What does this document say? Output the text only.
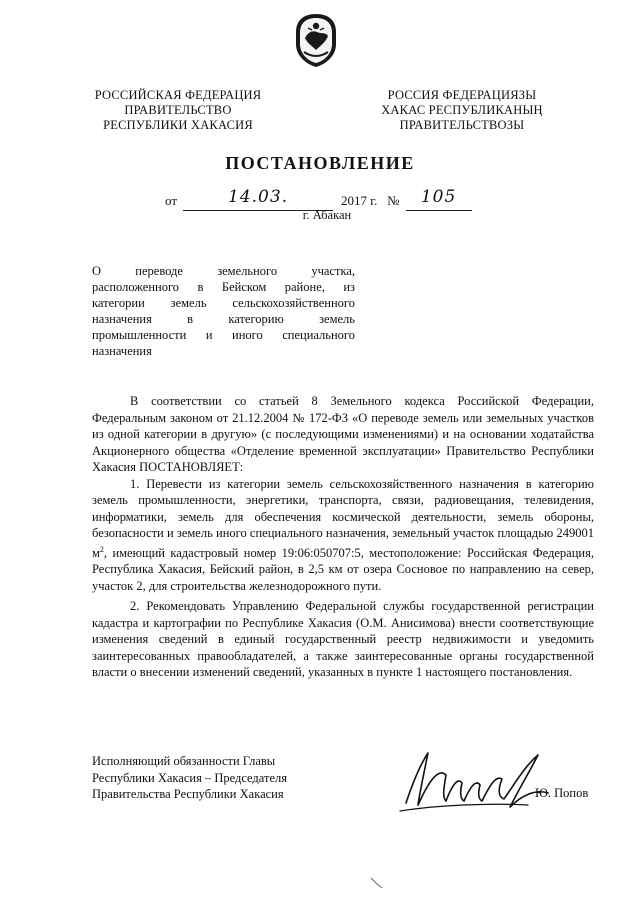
РОССИЙСКАЯ ФЕДЕРАЦИЯ
ПРАВИТЕЛЬСТВО
РЕСПУБЛИКИ ХАКАСИЯ
РОССИЯ ФЕДЕРАЦИЯЗЫ
ХАКАС РЕСПУБЛИКАНЫҢ
ПРАВИТЕЛЬСТВОЗЫ
ПОСТАНОВЛЕНИЕ
от	14.03.	2017 г. № 105
г. Абакан
О переводе земельного участка,
расположенного в Бейском районе, из
категории земель сельскохозяйственного
назначения в категорию земель
промышленности и иного специального
назначения

В соответствии со статьей 8 Земельного кодекса Российской Федерации, Федеральным законом от 21.12.2004 № 172-ФЗ «О переводе земель или земельных участков из одной категории в другую» (с последующими изменениями) и на основании ходатайства Акционерного общества «Отделение временной эксплуатации» Правительство Республики Хакасия ПОСТАНОВЛЯЕТ:

1. Перевести из категории земель сельскохозяйственного назначения в категорию земель промышленности, энергетики, транспорта, связи, радиовещания, телевидения, информатики, земель для обеспечения космической деятельности, земель обороны, безопасности и земель иного специального назначения, земельный участок площадью 249001 $м^2$, имеющий кадастровый номер 19:06:050707:5, местоположение: Российская Федерация, Республика Хакасия, Бейский район, в 2,5 км от озера Сосновое по направлению на север, участок 2, для строительства железнодорожного пути.

2. Рекомендовать Управлению Федеральной службы государственной регистрации кадастра и картографии по Республике Хакасия (О.М. Анисимова) внести соответствующие изменения сведений в единый государственный реестр недвижимости и уведомить заинтересованных правообладателей, а также заинтересованные органы государственной власти о внесении изменений сведений, указанных в пункте 1 настоящего постановления.

Исполняющий обязанности Главы
Республики Хакасия – Председателя
Правительства Республики Хакасия	Ю. Попов
